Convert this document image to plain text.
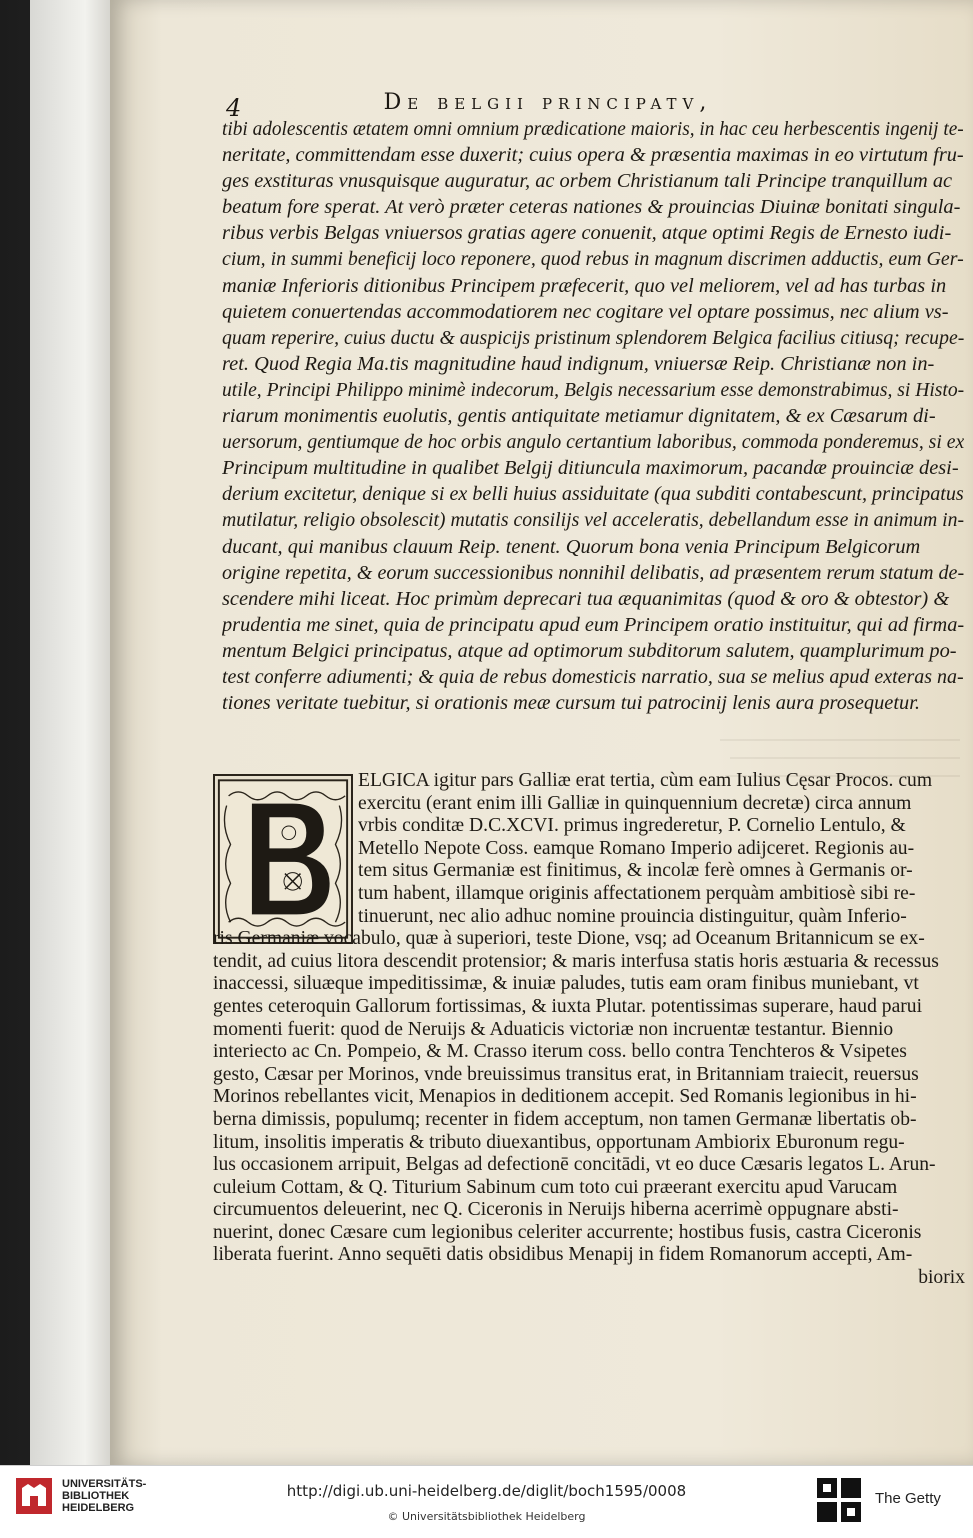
4	De belgii principatv,
tibi adolescentis ætatem omni omnium prædicatione maioris, in hac ceu herbescentis ingenij te-
neritate, committendam esse duxerit; cuius opera & præsentia maximas in eo virtutum fru-
ges exstituras vnusquisque auguratur, ac orbem Christianum tali Principe tranquillum ac
beatum fore sperat. At verò præter ceteras nationes & prouincias Diuinæ bonitati singula-
ribus verbis Belgas vniuersos gratias agere conuenit, atque optimi Regis de Ernesto iudi-
cium, in summi beneficij loco reponere, quod rebus in magnum discrimen adductis, eum Ger-
maniæ Inferioris ditionibus Principem præfecerit, quo vel meliorem, vel ad has turbas in
quietem conuertendas accommodatiorem nec cogitare vel optare possimus, nec alium vs-
quam reperire, cuius ductu & auspicijs pristinum splendorem Belgica facilius citiusq; recupe-
ret. Quod Regia Ma.tis magnitudine haud indignum, vniuersæ Reip. Christianæ non in-
utile, Principi Philippo minimè indecorum, Belgis necessarium esse demonstrabimus, si Histo-
riarum monimentis euolutis, gentis antiquitate metiamur dignitatem, & ex Cæsarum di-
uersorum, gentiumque de hoc orbis angulo certantium laboribus, commoda ponderemus, si ex
Principum multitudine in qualibet Belgij ditiuncula maximorum, pacandæ prouinciæ desi-
derium excitetur, denique si ex belli huius assiduitate (qua subditi contabescunt, principatus
mutilatur, religio obsolescit) mutatis consilijs vel acceleratis, debellandum esse in animum in-
ducant, qui manibus clauum Reip. tenent. Quorum bona venia Principum Belgicorum
origine repetita, & eorum successionibus nonnihil delibatis, ad præsentem rerum statum de-
scendere mihi liceat. Hoc primùm deprecari tua æquanimitas (quod & oro & obtestor) &
prudentia me sinet, quia de principatu apud eum Principem oratio instituitur, qui ad firma-
mentum Belgici principatus, atque ad optimorum subditorum salutem, quamplurimum po-
test conferre adiumenti; & quia de rebus domesticis narratio, sua se melius apud exteras na-
tiones veritate tuebitur, si orationis meæ cursum tui patrocinij lenis aura prosequetur.
ELGICA igitur pars Galliæ erat tertia, cùm eam Iulius Cęsar Procos. cum
exercitu (erant enim illi Galliæ in quinquennium decretæ) circa annum
vrbis conditæ D.C.XCVI. primus ingrederetur, P. Cornelio Lentulo, &
Metello Nepote Coss. eamque Romano Imperio adijceret. Regionis au-
tem situs Germaniæ est finitimus, & incolæ ferè omnes à Germanis or-
tum habent, illamque originis affectationem perquàm ambitiosè sibi re-
tinuerunt, nec alio adhuc nomine prouincia distinguitur, quàm Inferio-
ris Germaniæ vocabulo, quæ à superiori, teste Dione, vsq; ad Oceanum Britannicum se ex-
tendit, ad cuius litora descendit protensior; & maris interfusa statis horis æstuaria & recessus
inaccessi, siluæque impeditissimæ, & inuiæ paludes, tutis eam oram finibus muniebant, vt
gentes ceteroquin Gallorum fortissimas, & iuxta Plutar. potentissimas superare, haud parui
momenti fuerit: quod de Neruijs & Aduaticis victoriæ non incruentæ testantur. Biennio
interiecto ac Cn. Pompeio, & M. Crasso iterum coss. bello contra Tenchteros & Vsipetes
gesto, Cæsar per Morinos, vnde breuissimus transitus erat, in Britanniam traiecit, reuersus
Morinos rebellantes vicit, Menapios in deditionem accepit. Sed Romanis legionibus in hi-
berna dimissis, populumq; recenter in fidem acceptum, non tamen Germanæ libertatis ob-
litum, insolitis imperatis & tributo diuexantibus, opportunam Ambiorix Eburonum regu-
lus occasionem arripuit, Belgas ad defectionē concitādi, vt eo duce Cæsaris legatos L. Arun-
culeium Cottam, & Q. Titurium Sabinum cum toto cui præerant exercitu apud Varucam
circumuentos deleuerint, nec Q. Ciceronis in Neruijs hiberna acerrimè oppugnare absti-
nuerint, donec Cæsare cum legionibus celeriter accurrente; hostibus fusis, castra Ciceronis
liberata fuerint. Anno sequēti datis obsidibus Menapij in fidem Romanorum accepti, Am-
biorix
UNIVERSITÄTS-
BIBLIOTHEK
HEIDELBERG
http://digi.ub.uni-heidelberg.de/diglit/boch1595/0008
© Universitätsbibliothek Heidelberg
The Getty
